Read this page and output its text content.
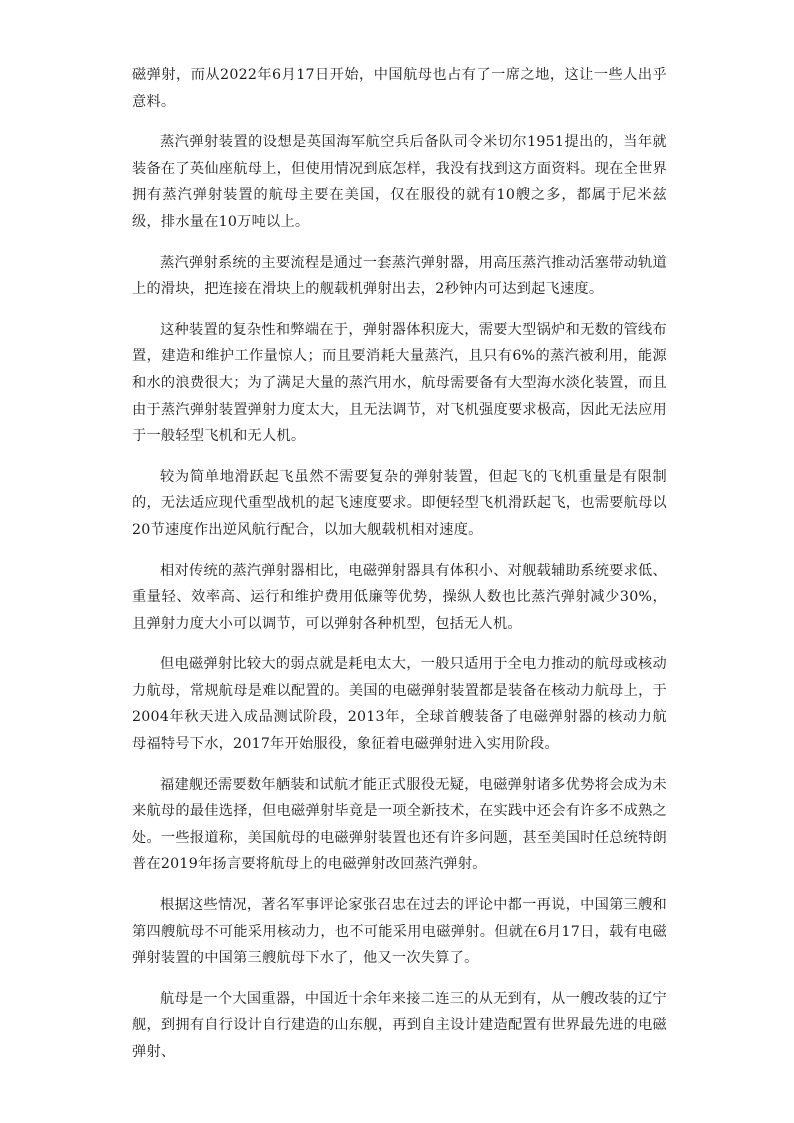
磁弹射，而从2022年6月17日开始，中国航母也占有了一席之地，这让一些人出乎意料。

蒸汽弹射装置的设想是英国海军航空兵后备队司令米切尔1951提出的，当年就装备在了英仙座航母上，但使用情况到底怎样，我没有找到这方面资料。现在全世界拥有蒸汽弹射装置的航母主要在美国，仅在服役的就有10艘之多，都属于尼米兹级，排水量在10万吨以上。

蒸汽弹射系统的主要流程是通过一套蒸汽弹射器，用高压蒸汽推动活塞带动轨道上的滑块，把连接在滑块上的舰载机弹射出去，2秒钟内可达到起飞速度。

这种装置的复杂性和弊端在于，弹射器体积庞大，需要大型锅炉和无数的管线布置，建造和维护工作量惊人；而且要消耗大量蒸汽，且只有6%的蒸汽被利用，能源和水的浪费很大；为了满足大量的蒸汽用水，航母需要备有大型海水淡化装置，而且由于蒸汽弹射装置弹射力度太大，且无法调节，对飞机强度要求极高，因此无法应用于一般轻型飞机和无人机。

较为简单地滑跃起飞虽然不需要复杂的弹射装置，但起飞的飞机重量是有限制的，无法适应现代重型战机的起飞速度要求。即便轻型飞机滑跃起飞，也需要航母以20节速度作出逆风航行配合，以加大舰载机相对速度。

相对传统的蒸汽弹射器相比，电磁弹射器具有体积小、对舰载辅助系统要求低、重量轻、效率高、运行和维护费用低廉等优势，操纵人数也比蒸汽弹射减少30%，且弹射力度大小可以调节，可以弹射各种机型，包括无人机。

但电磁弹射比较大的弱点就是耗电太大，一般只适用于全电力推动的航母或核动力航母，常规航母是难以配置的。美国的电磁弹射装置都是装备在核动力航母上，于2004年秋天进入成品测试阶段，2013年，全球首艘装备了电磁弹射器的核动力航母福特号下水，2017年开始服役，象征着电磁弹射进入实用阶段。

福建舰还需要数年舾装和试航才能正式服役无疑，电磁弹射诸多优势将会成为未来航母的最佳选择，但电磁弹射毕竟是一项全新技术，在实践中还会有许多不成熟之处。一些报道称，美国航母的电磁弹射装置也还有许多问题，甚至美国时任总统特朗普在2019年扬言要将航母上的电磁弹射改回蒸汽弹射。

根据这些情况，著名军事评论家张召忠在过去的评论中都一再说，中国第三艘和第四艘航母不可能采用核动力，也不可能采用电磁弹射。但就在6月17日，载有电磁弹射装置的中国第三艘航母下水了，他又一次失算了。

航母是一个大国重器，中国近十余年来接二连三的从无到有，从一艘改装的辽宁舰，到拥有自行设计自行建造的山东舰，再到自主设计建造配置有世界最先进的电磁弹射、
